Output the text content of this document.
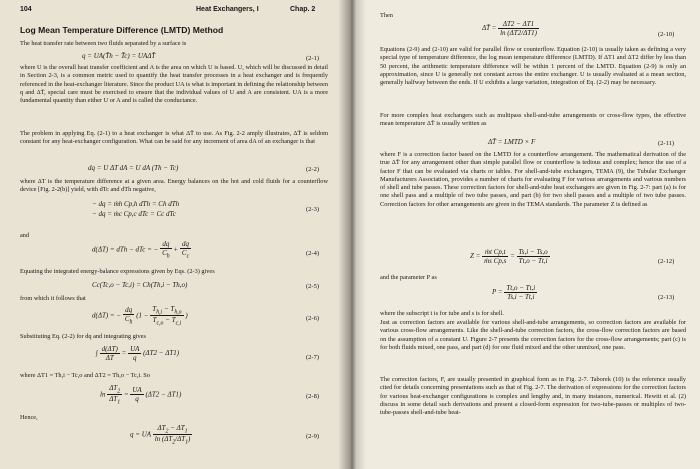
104	Heat Exchangers, I	Chap. 2
Log Mean Temperature Difference (LMTD) Method
The heat transfer rate between two fluids separated by a surface is
q = UA(T̄h − T̄c) = UAΔT̄	(2-1)
where U is the overall heat transfer coefficient and A is the area on which U is based. U, which will be discussed in detail in Section 2-3, is a common metric used to quantify the heat transfer processes in a heat exchanger and is frequently referenced in the heat-exchanger literature. Since the product UA is what is important in defining the relationship between q and ΔT̄, special care must be exercised to ensure that the individual values of U and A are consistent. UA is a more fundamental quantity than either U or A and is called the conductance.
The problem in applying Eq. (2-1) to a heat exchanger is what ΔT̄ to use. As Fig. 2-2 amply illustrates, ΔT̄ is seldom constant for any heat-exchanger configuration. What can be said for any increment of area dA of an exchanger is that
dq = U ΔT dA = U dA (Th − Tc)	(2-2)
where ΔT is the temperature difference at a given area. Energy balances on the hot and cold fluids for a counterflow device [Fig. 2-2(b)] yield, with dTc and dTh negative,
− dq = ṁh Cp,h dTh = Ch dTh
− dq = ṁc Cp,c dTc = Cc dTc
(2-3)
and
d(ΔT) = dTh − dTc = − $\frac{dq}{C_h} + \frac{dq}{C_c}$	(2-4)
Equating the integrated energy-balance expressions given by Eqs. (2-3) gives
Cc(Tc,o − Tc,i) = Ch(Th,i − Th,o)	(2-5)
from which it follows that
d(ΔT) = − $\frac{dq}{C_h} (1 - \frac{T_{h,i} - T_{h,o}}{T_{c,o} - T_{c,i}}$ )	(2-6)
Substituting Eq. (2-2) for dq and integrating gives
∫ $\frac{d(\Delta T)}{\Delta T} = \frac{UA}{q} (\Delta T2 - \Delta T1)$
(2-7)
where ΔT1 = Th,i − Tc,o and ΔT2 = Th,o − Tc,i. So
$\ln \frac{\Delta T_2}{\Delta T_1} = \frac{UA}{q} (\Delta T2 - \Delta T1)$	(2-8)
Hence,
q = UA $\frac{\Delta T_2 - \Delta T_1}{\ln (\Delta T_2/\Delta T_1)}$	(2-9)
Then
ΔT̄ = $\frac{\Delta T2 - \Delta T1}{\ln (\Delta T2/\Delta T1)}$	(2-10)
Equations (2-9) and (2-10) are valid for parallel flow or counterflow. Equation (2-10) is usually taken as defining a very special type of temperature difference, the log mean temperature difference (LMTD). If ΔT1 and ΔT2 differ by less than 50 percent, the arithmetic temperature difference will be within 1 percent of the LMTD. Equation (2-9) is only an approximation, since U is generally not constant across the entire exchanger. U is usually evaluated at a mean section, generally halfway between the ends. If U exhibits a large variation, integration of Eq. (2-2) may be necessary.
For more complex heat exchangers such as multipass shell-and-tube arrangements or cross-flow types, the effective mean temperature ΔT̄ is usually written as
ΔT̄ = LMTD × F	(2-11)
where F is a correction factor based on the LMTD for a counterflow arrangement. The mathematical derivation of the true ΔT̄ for any arrangement other than simple parallel flow or counterflow is tedious and complex; hence the use of a factor F that can be evaluated via charts or tables. For shell-and-tube exchangers, TEMA (9), the Tubular Exchanger Manufacturers Association, provides a number of charts for evaluating F for various arrangements and various numbers of shell and tube passes. These correction factors for shell-and-tube heat exchangers are given in Fig. 2-7: part (a) is for one shell pass and a multiple of two tube passes, and part (b) for two shell passes and a multiple of two tube passes. Correction factors for other arrangements are given in the TEMA standards. The parameter Z is defined as
$Z = \frac{\text{ṁt Cp,t}}{\text{ṁs Cp,s}} = \frac{Ts,i - Ts,o}{Tt,o - Tt,i}$	(2-12)
and the parameter P as
$P = \frac{Tt,o - Tt,i}{Ts,i - Tt,i}$	(2-13)
where the subscript t is for tube and s is for shell.
Just as correction factors are available for various shell-and-tube arrangements, so correction factors are available for various cross-flow arrangements. Like the shell-and-tube correction factors, the cross-flow correction factors are based on the assumption of a constant U. Figure 2-7 presents the correction factors for the cross-flow arrangements; part (c) is for both fluids mixed, one pass, and part (d) for one fluid mixed and the other unmixed, one pass.
The correction factors, F, are usually presented in graphical form as in Fig. 2-7. Taborek (10) is the reference usually cited for details concerning presentations such as that of Fig. 2-7. The derivation of expressions for the correction factors for various heat-exchanger configurations is complex and lengthy and, in many instances, numerical. Hewitt et al. (2) discuss in some detail such derivations and present a closed-form expression for two-tube-passes or multiples of two-tube-passes shell-and-tube heat-
